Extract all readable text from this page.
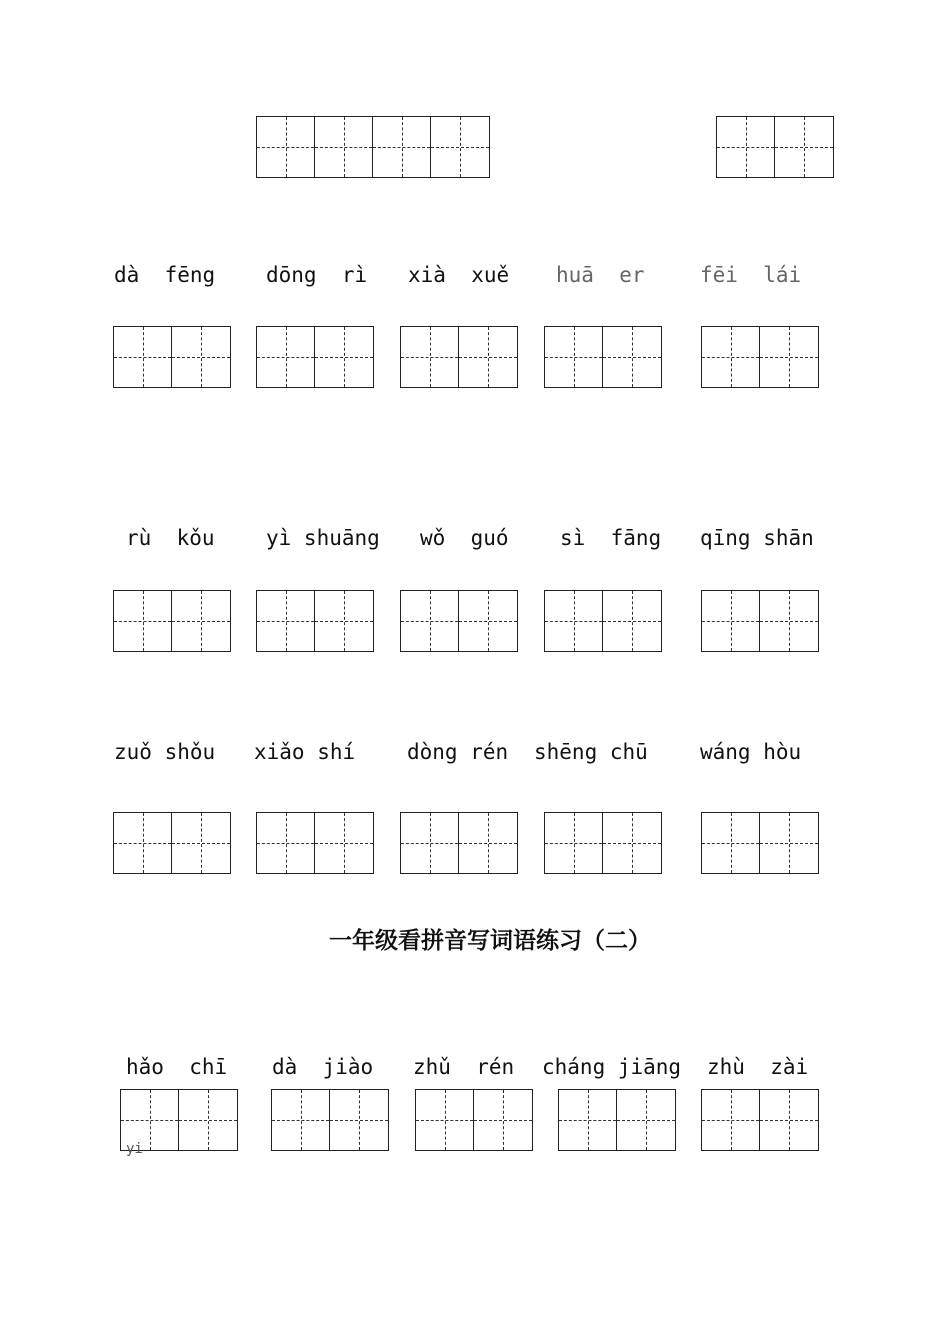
dà  fēng dōng  rì xià  xuě huā  er	fēi  lái
rù  kǒu yì shuāng wǒ  guó sì  fāng qīng shān
zuǒ shǒu xiǎo shí dòng rén shēng chū wáng hòu
一年级看拼音写词语练习（二）
hǎo  chī dà  jiào zhǔ  rén cháng jiāng zhù  zài
yi
